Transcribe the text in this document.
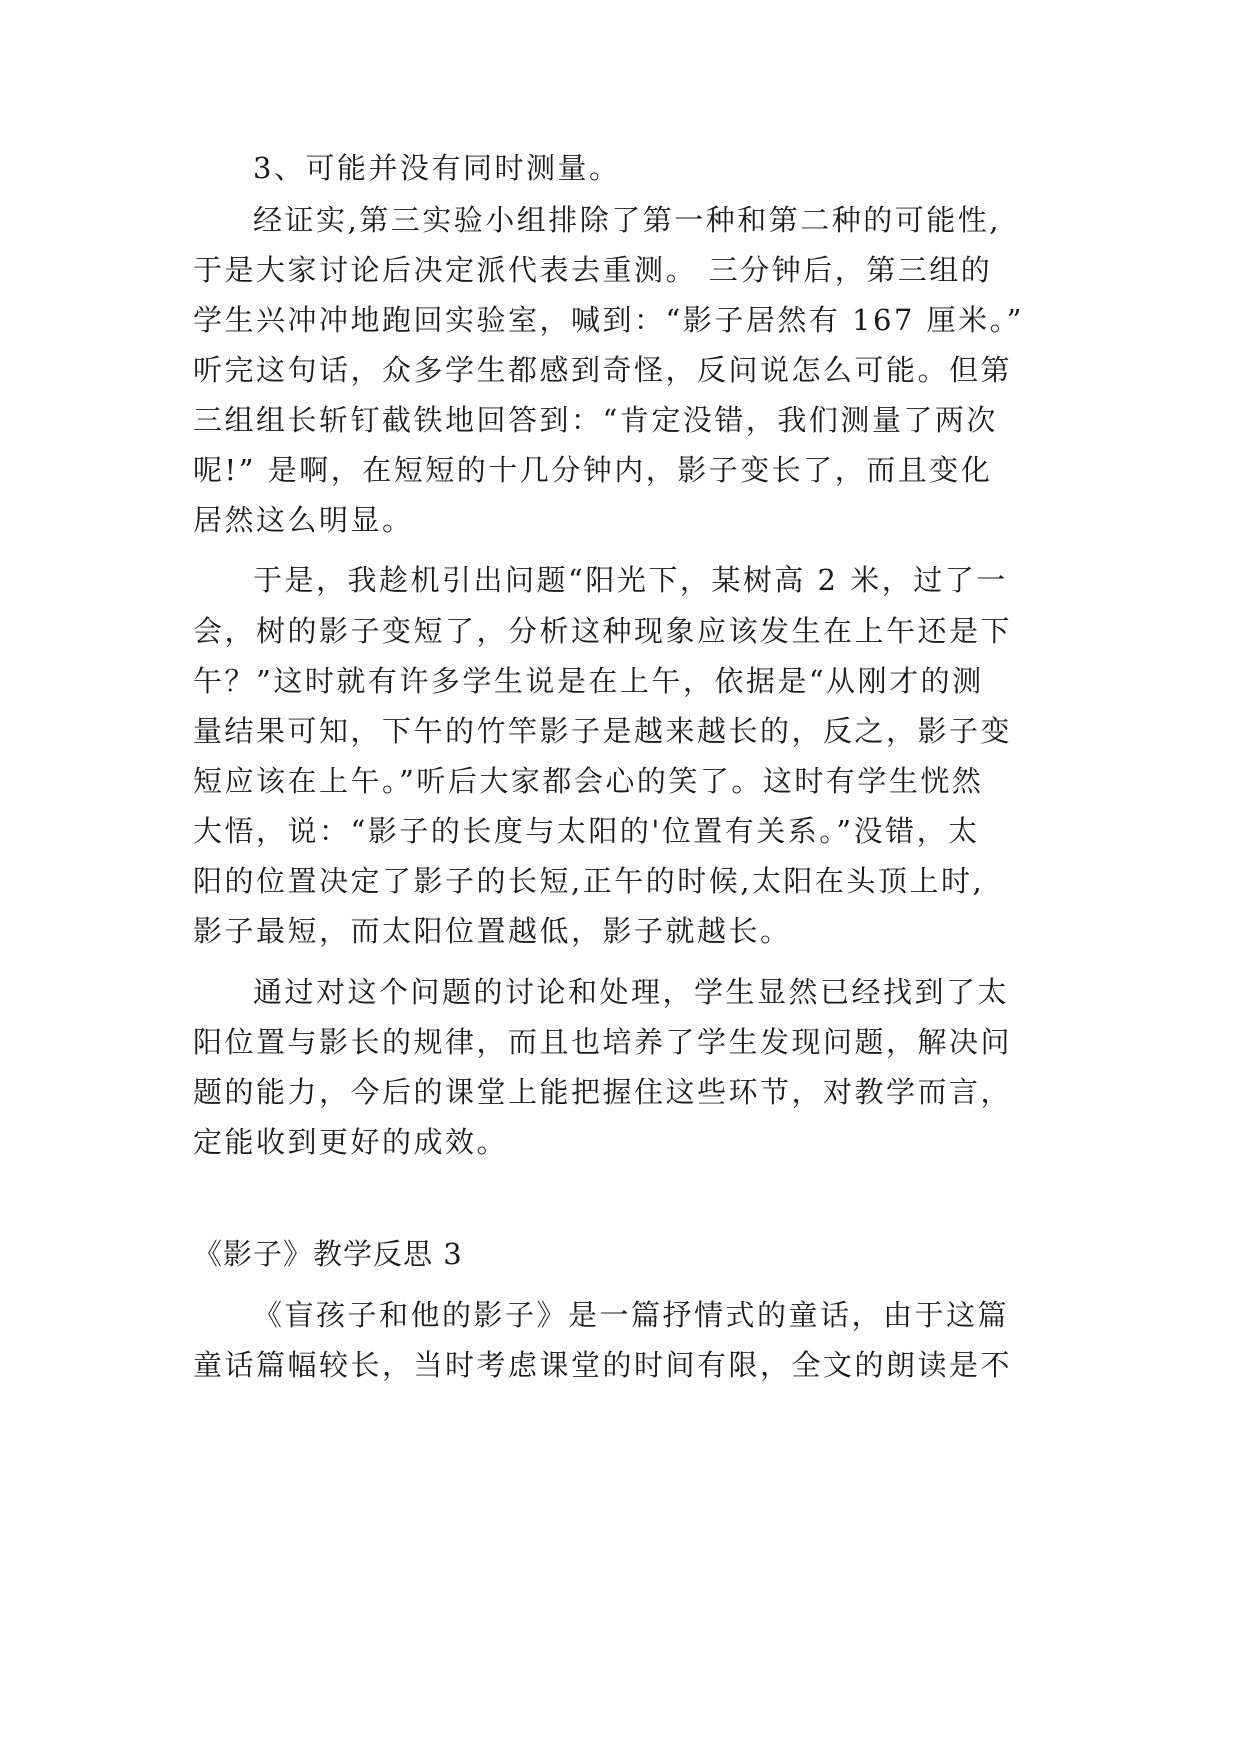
3、可能并没有同时测量。
经证实,第三实验小组排除了第一种和第二种的可能性,
于是大家讨论后决定派代表去重测。 三分钟后，第三组的
学生兴冲冲地跑回实验室，喊到：“影子居然有 167 厘米。”
听完这句话，众多学生都感到奇怪，反问说怎么可能。但第
三组组长斩钉截铁地回答到：“肯定没错，我们测量了两次
呢!” 是啊，在短短的十几分钟内，影子变长了，而且变化
居然这么明显。
于是，我趁机引出问题“阳光下，某树高 2 米，过了一
会，树的影子变短了，分析这种现象应该发生在上午还是下
午？”这时就有许多学生说是在上午，依据是“从刚才的测
量结果可知，下午的竹竿影子是越来越长的，反之，影子变
短应该在上午。”听后大家都会心的笑了。这时有学生恍然
大悟，说：“影子的长度与太阳的'位置有关系。”没错，太
阳的位置决定了影子的长短,正午的时候,太阳在头顶上时,
影子最短，而太阳位置越低，影子就越长。
通过对这个问题的讨论和处理，学生显然已经找到了太
阳位置与影长的规律，而且也培养了学生发现问题，解决问
题的能力，今后的课堂上能把握住这些环节，对教学而言，
定能收到更好的成效。
《影子》教学反思 3
《盲孩子和他的影子》是一篇抒情式的童话，由于这篇
童话篇幅较长，当时考虑课堂的时间有限，全文的朗读是不
